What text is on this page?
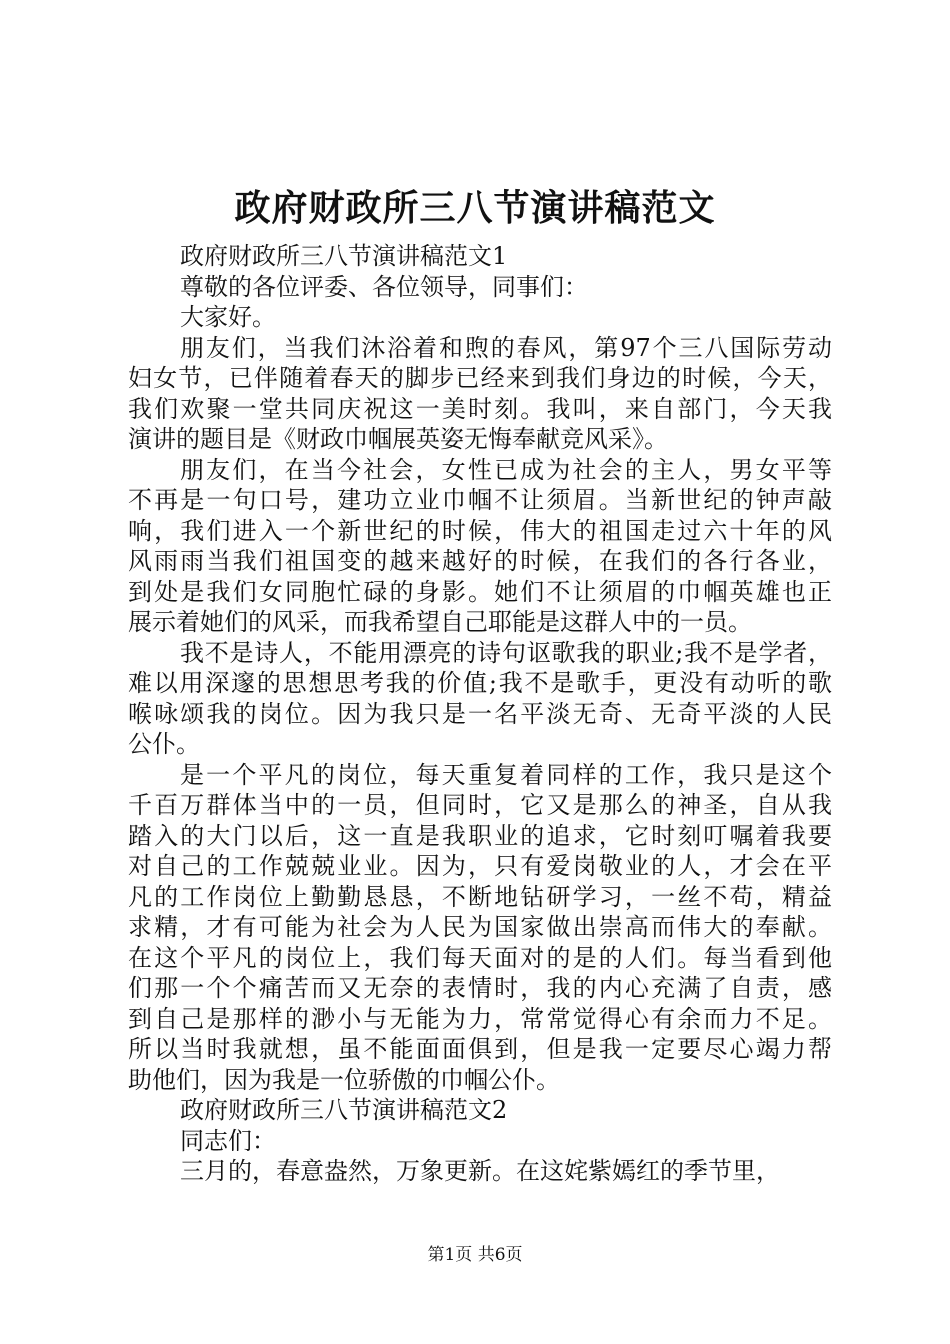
政府财政所三八节演讲稿范文
政府财政所三八节演讲稿范文1
尊敬的各位评委、各位领导，同事们：
大家好。
朋友们，当我们沐浴着和煦的春风，第97个三八国际劳动
妇女节，已伴随着春天的脚步已经来到我们身边的时候，今天，
我们欢聚一堂共同庆祝这一美时刻。我叫，来自部门，今天我
演讲的题目是《财政巾帼展英姿无悔奉献竞风采》。
朋友们，在当今社会，女性已成为社会的主人，男女平等
不再是一句口号，建功立业巾帼不让须眉。当新世纪的钟声敲
响，我们进入一个新世纪的时候，伟大的祖国走过六十年的风
风雨雨当我们祖国变的越来越好的时候，在我们的各行各业，
到处是我们女同胞忙碌的身影。她们不让须眉的巾帼英雄也正
展示着她们的风采，而我希望自己耶能是这群人中的一员。
我不是诗人，不能用漂亮的诗句讴歌我的职业;我不是学者，
难以用深邃的思想思考我的价值;我不是歌手，更没有动听的歌
喉咏颂我的岗位。因为我只是一名平淡无奇、无奇平淡的人民
公仆。
是一个平凡的岗位，每天重复着同样的工作，我只是这个
千百万群体当中的一员，但同时，它又是那么的神圣，自从我
踏入的大门以后，这一直是我职业的追求，它时刻叮嘱着我要
对自己的工作兢兢业业。因为，只有爱岗敬业的人，才会在平
凡的工作岗位上勤勤恳恳，不断地钻研学习，一丝不苟，精益
求精，才有可能为社会为人民为国家做出崇高而伟大的奉献。
在这个平凡的岗位上，我们每天面对的是的人们。每当看到他
们那一个个痛苦而又无奈的表情时，我的内心充满了自责，感
到自己是那样的渺小与无能为力，常常觉得心有余而力不足。
所以当时我就想，虽不能面面俱到，但是我一定要尽心竭力帮
助他们，因为我是一位骄傲的巾帼公仆。
政府财政所三八节演讲稿范文2
同志们：
三月的，春意盎然，万象更新。在这姹紫嫣红的季节里，
第1页 共6页
